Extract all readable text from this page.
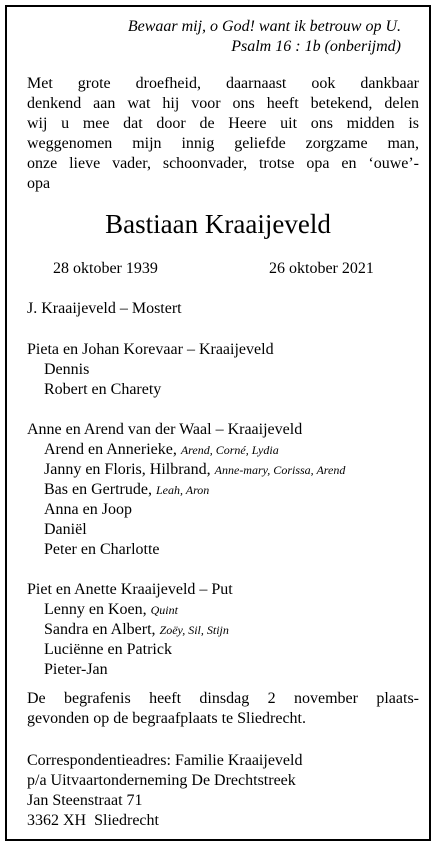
Bewaar mij, o God! want ik betrouw op U.
Psalm 16 : 1b (onberijmd)
Met grote droefheid, daarnaast ook dankbaar
denkend aan wat hij voor ons heeft betekend, delen
wij u mee dat door de Heere uit ons midden is
weggenomen mijn innig geliefde zorgzame man,
onze lieve vader, schoonvader, trotse opa en ‘ouwe’-
opa
Bastiaan Kraaijeveld
28 oktober 1939	26 oktober 2021
J. Kraaijeveld – Mostert
Pieta en Johan Korevaar – Kraaijeveld
Dennis
Robert en Charety
Anne en Arend van der Waal – Kraaijeveld
Arend en Annerieke, Arend, Corné, Lydia
Janny en Floris, Hilbrand, Anne-mary, Corissa, Arend
Bas en Gertrude, Leah, Aron
Anna en Joop
Daniël
Peter en Charlotte
Piet en Anette Kraaijeveld – Put
Lenny en Koen, Quint
Sandra en Albert, Zoëy, Sil, Stijn
Luciënne en Patrick
Pieter-Jan
De begrafenis heeft dinsdag 2 november plaats-
gevonden op de begraafplaats te Sliedrecht.
Correspondentieadres: Familie Kraaijeveld
p/a Uitvaartonderneming De Drechtstreek
Jan Steenstraat 71
3362 XH  Sliedrecht
